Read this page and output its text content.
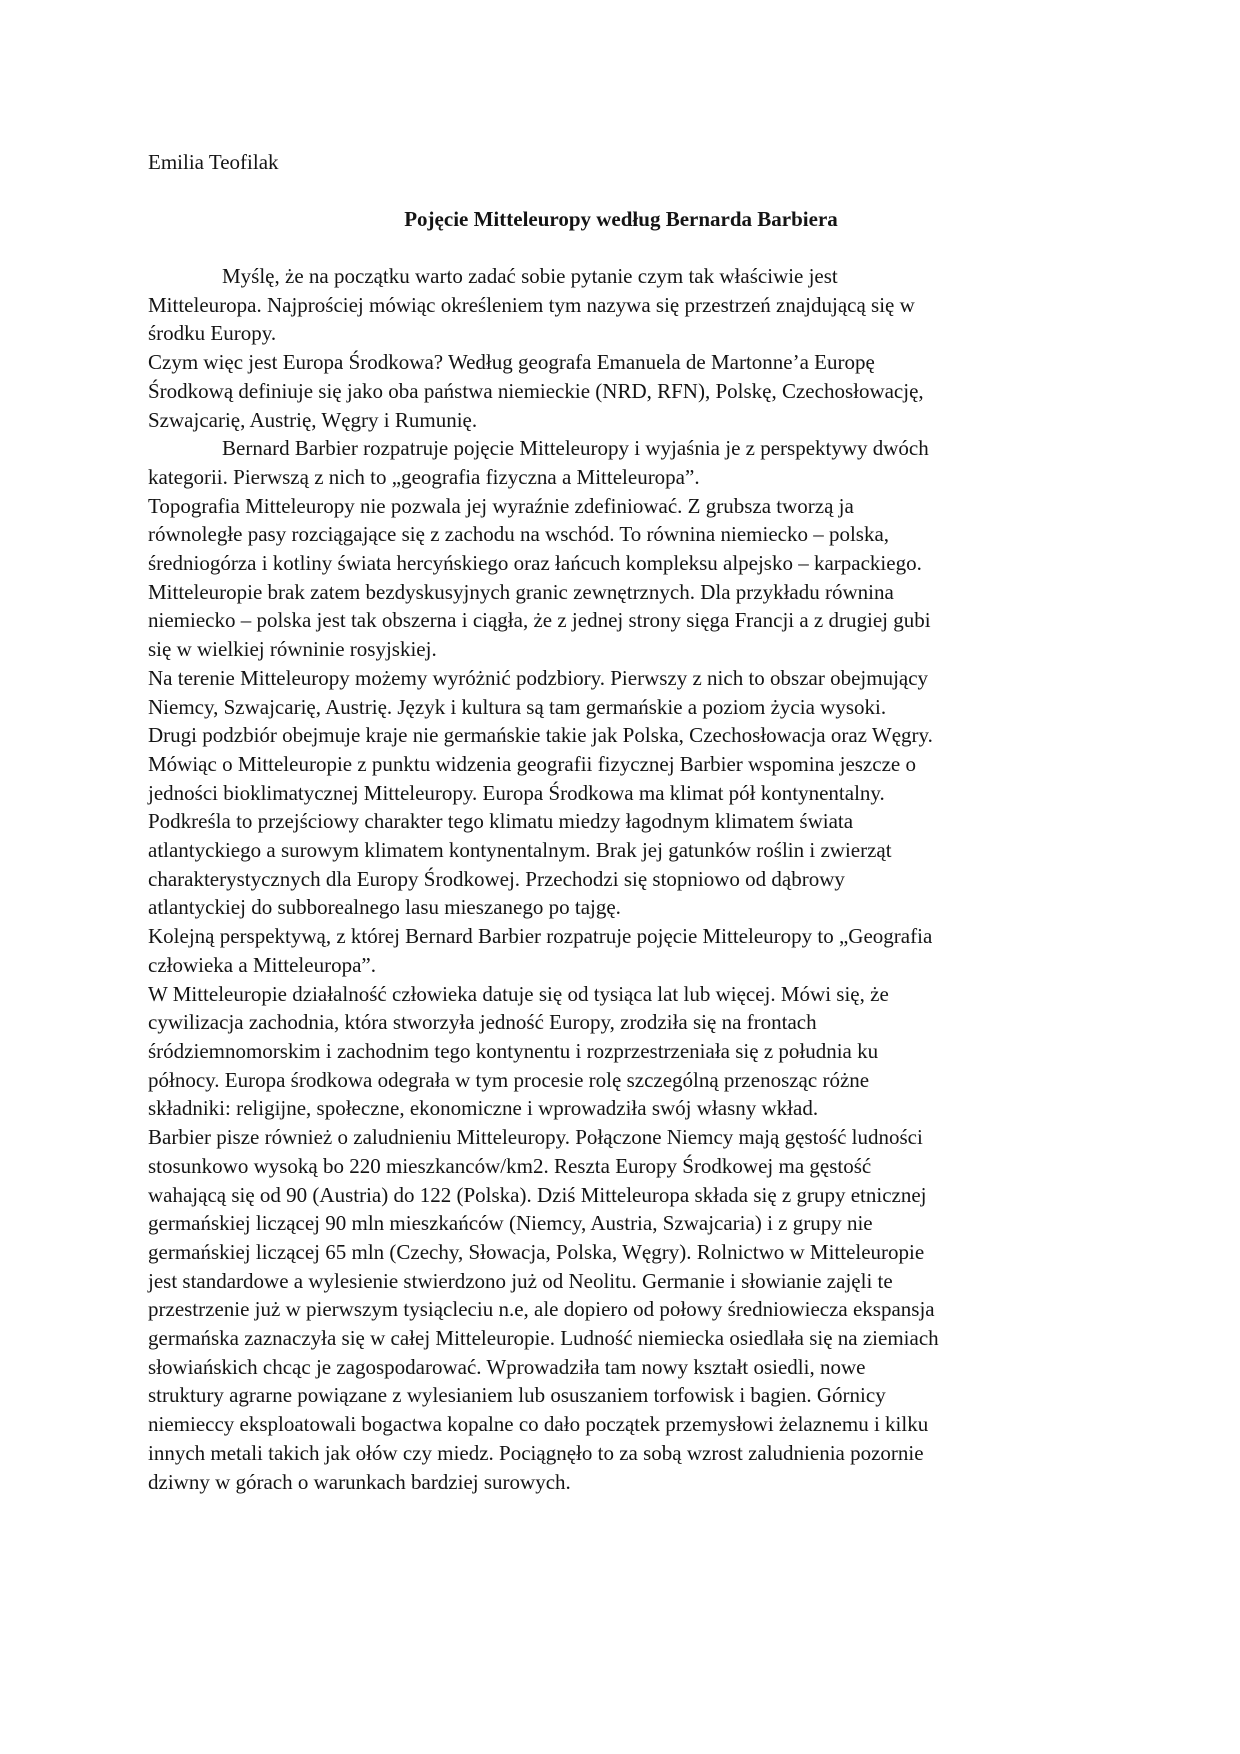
Emilia Teofilak

Pojęcie Mitteleuropy według Bernarda Barbiera
Myślę, że na początku warto zadać sobie pytanie czym tak właściwie jest
Mitteleuropa. Najprościej mówiąc określeniem tym nazywa się przestrzeń znajdującą się w
środku Europy.
Czym więc jest Europa Środkowa? Według geografa Emanuela de Martonne’a Europę
Środkową definiuje się jako oba państwa niemieckie (NRD, RFN), Polskę, Czechosłowację,
Szwajcarię, Austrię, Węgry i Rumunię.
Bernard Barbier rozpatruje pojęcie Mitteleuropy i wyjaśnia je z perspektywy dwóch
kategorii. Pierwszą z nich to „geografia fizyczna a Mitteleuropa”.
Topografia Mitteleuropy nie pozwala jej wyraźnie zdefiniować. Z grubsza tworzą ja
równoległe pasy rozciągające się z zachodu na wschód. To równina niemiecko – polska,
średniogórza i kotliny świata hercyńskiego oraz łańcuch kompleksu alpejsko – karpackiego.
Mitteleuropie brak zatem bezdyskusyjnych granic zewnętrznych. Dla przykładu równina
niemiecko – polska jest tak obszerna i ciągła, że z jednej strony sięga Francji a z drugiej gubi
się w wielkiej równinie rosyjskiej.
Na terenie Mitteleuropy możemy wyróżnić podzbiory. Pierwszy z nich to obszar obejmujący
Niemcy, Szwajcarię, Austrię. Język i kultura są tam germańskie a poziom życia wysoki.
Drugi podzbiór obejmuje kraje nie germańskie takie jak Polska, Czechosłowacja oraz Węgry.
Mówiąc o Mitteleuropie z punktu widzenia geografii fizycznej Barbier wspomina jeszcze o
jedności bioklimatycznej Mitteleuropy. Europa Środkowa ma klimat pół kontynentalny.
Podkreśla to przejściowy charakter tego klimatu miedzy łagodnym klimatem świata
atlantyckiego a surowym klimatem kontynentalnym. Brak jej gatunków roślin i zwierząt
charakterystycznych dla Europy Środkowej. Przechodzi się stopniowo od dąbrowy
atlantyckiej do subborealnego lasu mieszanego po tajgę.
Kolejną perspektywą, z której Bernard Barbier rozpatruje pojęcie Mitteleuropy to „Geografia
człowieka a Mitteleuropa”.
W Mitteleuropie działalność człowieka datuje się od tysiąca lat lub więcej. Mówi się, że
cywilizacja zachodnia, która stworzyła jedność Europy, zrodziła się na frontach
śródziemnomorskim i zachodnim tego kontynentu i rozprzestrzeniała się z południa ku
północy. Europa środkowa odegrała w tym procesie rolę szczególną przenosząc różne
składniki: religijne, społeczne, ekonomiczne i wprowadziła swój własny wkład.
Barbier pisze również o zaludnieniu Mitteleuropy. Połączone Niemcy mają gęstość ludności
stosunkowo wysoką bo 220 mieszkanców/km2. Reszta Europy Środkowej ma gęstość
wahającą się od 90 (Austria) do 122 (Polska). Dziś Mitteleuropa składa się z grupy etnicznej
germańskiej liczącej 90 mln mieszkańców (Niemcy, Austria, Szwajcaria) i z grupy nie
germańskiej liczącej 65 mln (Czechy, Słowacja, Polska, Węgry). Rolnictwo w Mitteleuropie
jest standardowe a wylesienie stwierdzono już od Neolitu. Germanie i słowianie zajęli te
przestrzenie już w pierwszym tysiącleciu n.e, ale dopiero od połowy średniowiecza ekspansja
germańska zaznaczyła się w całej Mitteleuropie. Ludność niemiecka osiedlała się na ziemiach
słowiańskich chcąc je zagospodarować. Wprowadziła tam nowy kształt osiedli, nowe
struktury agrarne powiązane z wylesianiem lub osuszaniem torfowisk i bagien. Górnicy
niemieccy eksploatowali bogactwa kopalne co dało początek przemysłowi żelaznemu i kilku
innych metali takich jak ołów czy miedz. Pociągnęło to za sobą wzrost zaludnienia pozornie
dziwny w górach o warunkach bardziej surowych.
